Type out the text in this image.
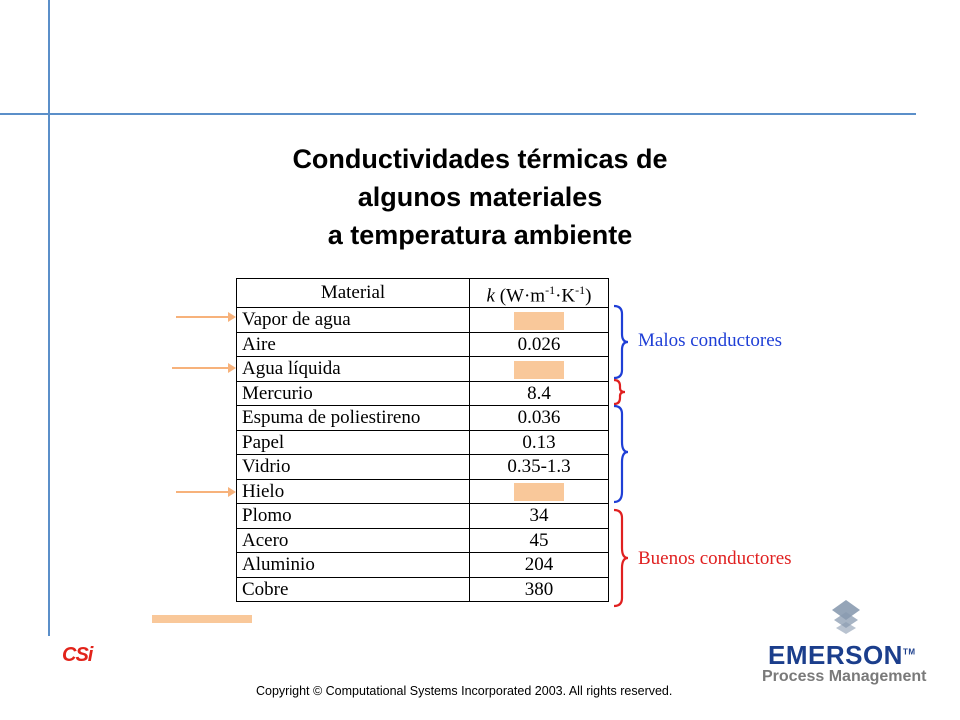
Conductividades térmicas de
algunos materiales
a temperatura ambiente
Material	k $(W\cdot m^{-1}\cdot K^{-1})$
Vapor de agua	
Aire	0.026
Agua líquida	
Mercurio	8.4
Espuma de poliestireno	0.036
Papel	0.13
Vidrio	0.35-1.3
Hielo	
Plomo	34
Acero	45
Aluminio	204
Cobre	380
Malos conductores
Buenos conductores
CSi
Copyright © Computational Systems Incorporated 2003. All rights reserved.
EMERSON™
Process Management
